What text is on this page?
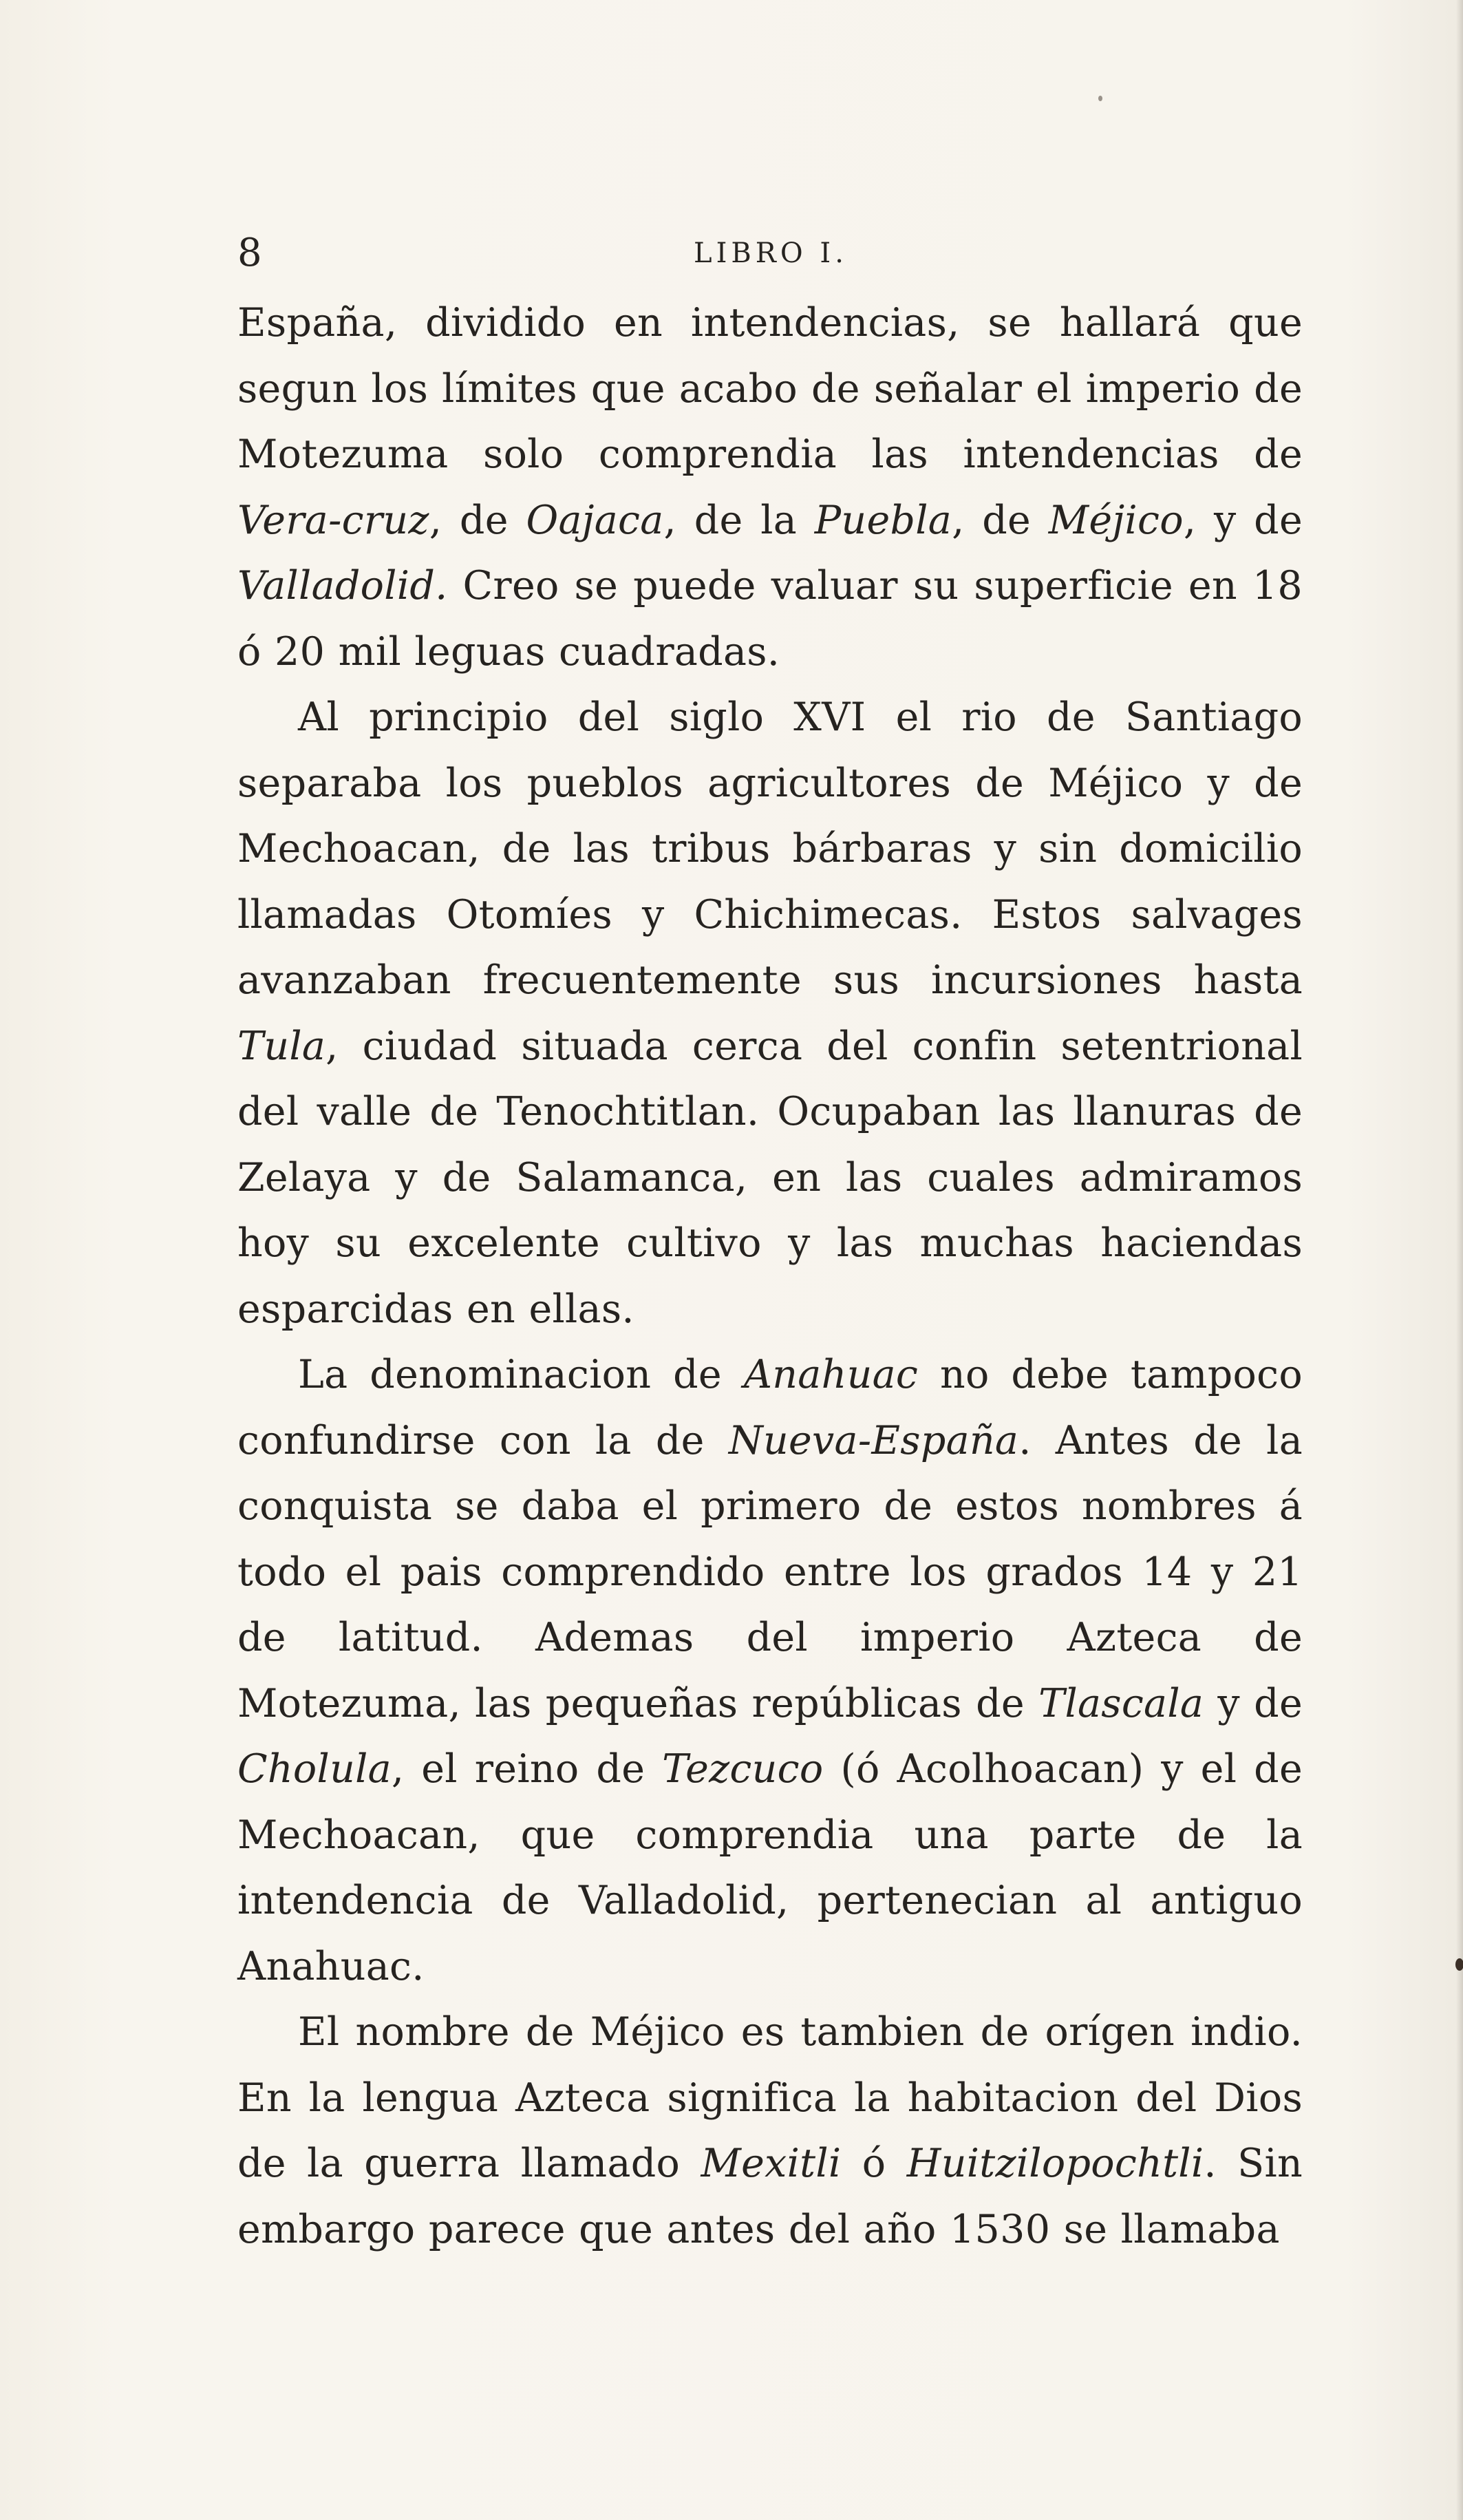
8	LIBRO I.

España, dividido en intendencias, se hallará que segun los límites que acabo de señalar el imperio de Motezuma solo comprendia las intendencias de Vera-cruz, de Oajaca, de la Puebla, de Méjico, y de Valladolid. Creo se puede valuar su superficie en 18 ó 20 mil leguas cuadradas.

Al principio del siglo XVI el rio de Santiago separaba los pueblos agricultores de Méjico y de Mechoacan, de las tribus bárbaras y sin domicilio llamadas Otomíes y Chichimecas. Estos salvages avanzaban frecuentemente sus incursiones hasta Tula, ciudad situada cerca del confin setentrional del valle de Tenochtitlan. Ocupaban las llanuras de Zelaya y de Salamanca, en las cuales admiramos hoy su excelente cultivo y las muchas haciendas esparcidas en ellas.

La denominacion de Anahuac no debe tampoco confundirse con la de Nueva-España. Antes de la conquista se daba el primero de estos nombres á todo el pais comprendido entre los grados 14 y 21 de latitud. Ademas del imperio Azteca de Motezuma, las pequeñas repúblicas de Tlascala y de Cholula, el reino de Tezcuco (ó Acolhoacan) y el de Mechoacan, que comprendia una parte de la intendencia de Valladolid, pertenecian al antiguo Anahuac.

El nombre de Méjico es tambien de orígen indio. En la lengua Azteca significa la habitacion del Dios de la guerra llamado Mexitli ó Huitzilopochtli. Sin embargo parece que antes del año 1530 se llamaba
